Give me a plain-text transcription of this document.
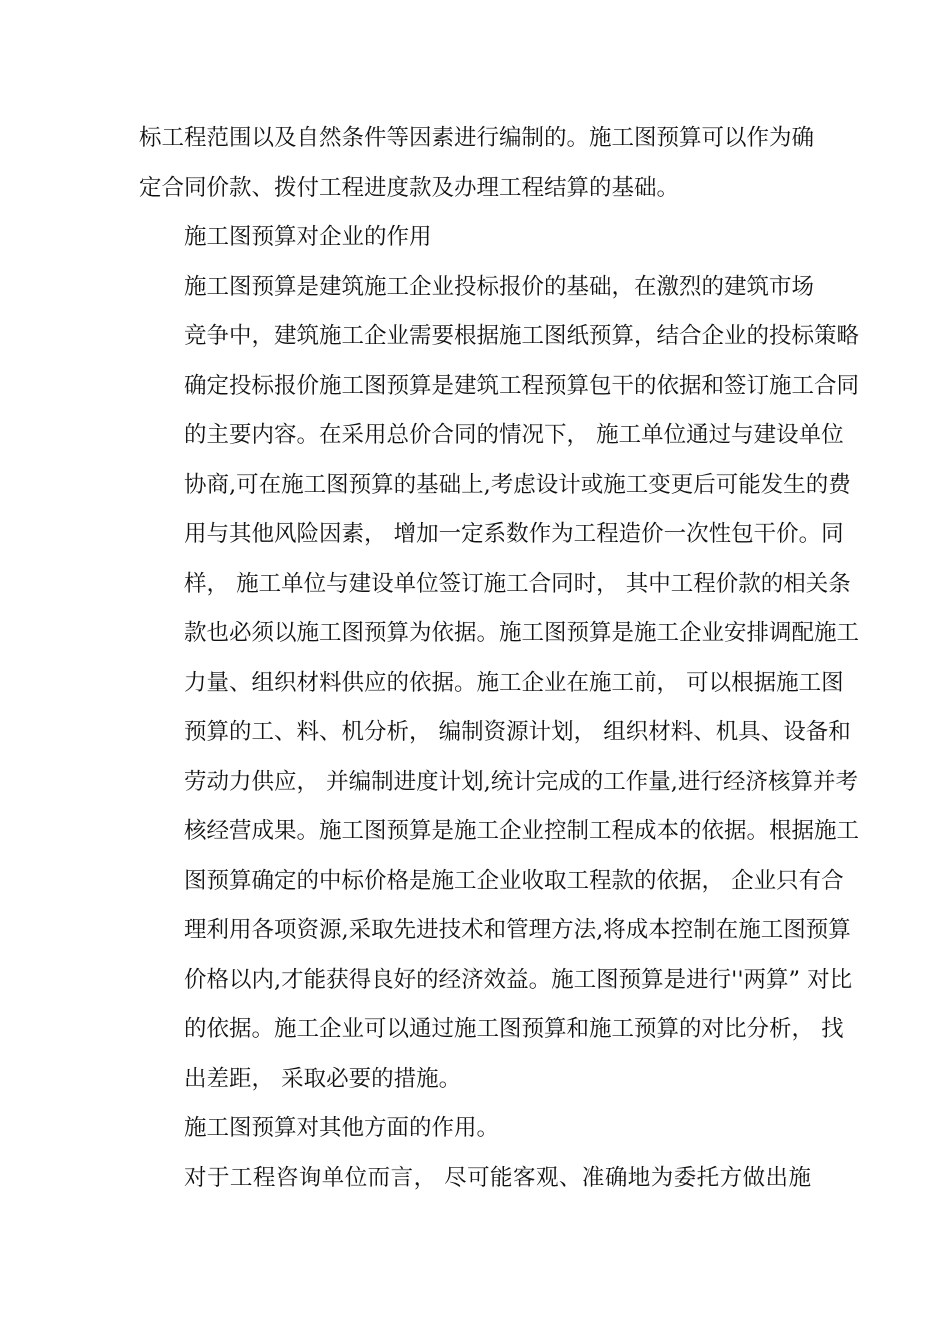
标工程范围以及自然条件等因素进行编制的。施工图预算可以作为确
定合同价款、拨付工程进度款及办理工程结算的基础。

施工图预算对企业的作用

施工图预算是建筑施工企业投标报价的基础，在激烈的建筑市场
竞争中，建筑施工企业需要根据施工图纸预算，结合企业的投标策略
确定投标报价施工图预算是建筑工程预算包干的依据和签订施工合同
的主要内容。在采用总价合同的情况下， 施工单位通过与建设单位
协商,可在施工图预算的基础上,考虑设计或施工变更后可能发生的费
用与其他风险因素， 增加一定系数作为工程造价一次性包干价。同
样， 施工单位与建设单位签订施工合同时， 其中工程价款的相关条
款也必须以施工图预算为依据。施工图预算是施工企业安排调配施工
力量、组织材料供应的依据。施工企业在施工前， 可以根据施工图
预算的工、料、机分析， 编制资源计划， 组织材料、机具、设备和
劳动力供应， 并编制进度计划,统计完成的工作量,进行经济核算并考
核经营成果。施工图预算是施工企业控制工程成本的依据。根据施工
图预算确定的中标价格是施工企业收取工程款的依据， 企业只有合
理利用各项资源,采取先进技术和管理方法,将成本控制在施工图预算
价格以内,才能获得良好的经济效益。施工图预算是进行''两算” 对比
的依据。施工企业可以通过施工图预算和施工预算的对比分析， 找
出差距， 采取必要的措施。

施工图预算对其他方面的作用。

对于工程咨询单位而言， 尽可能客观、准确地为委托方做出施
